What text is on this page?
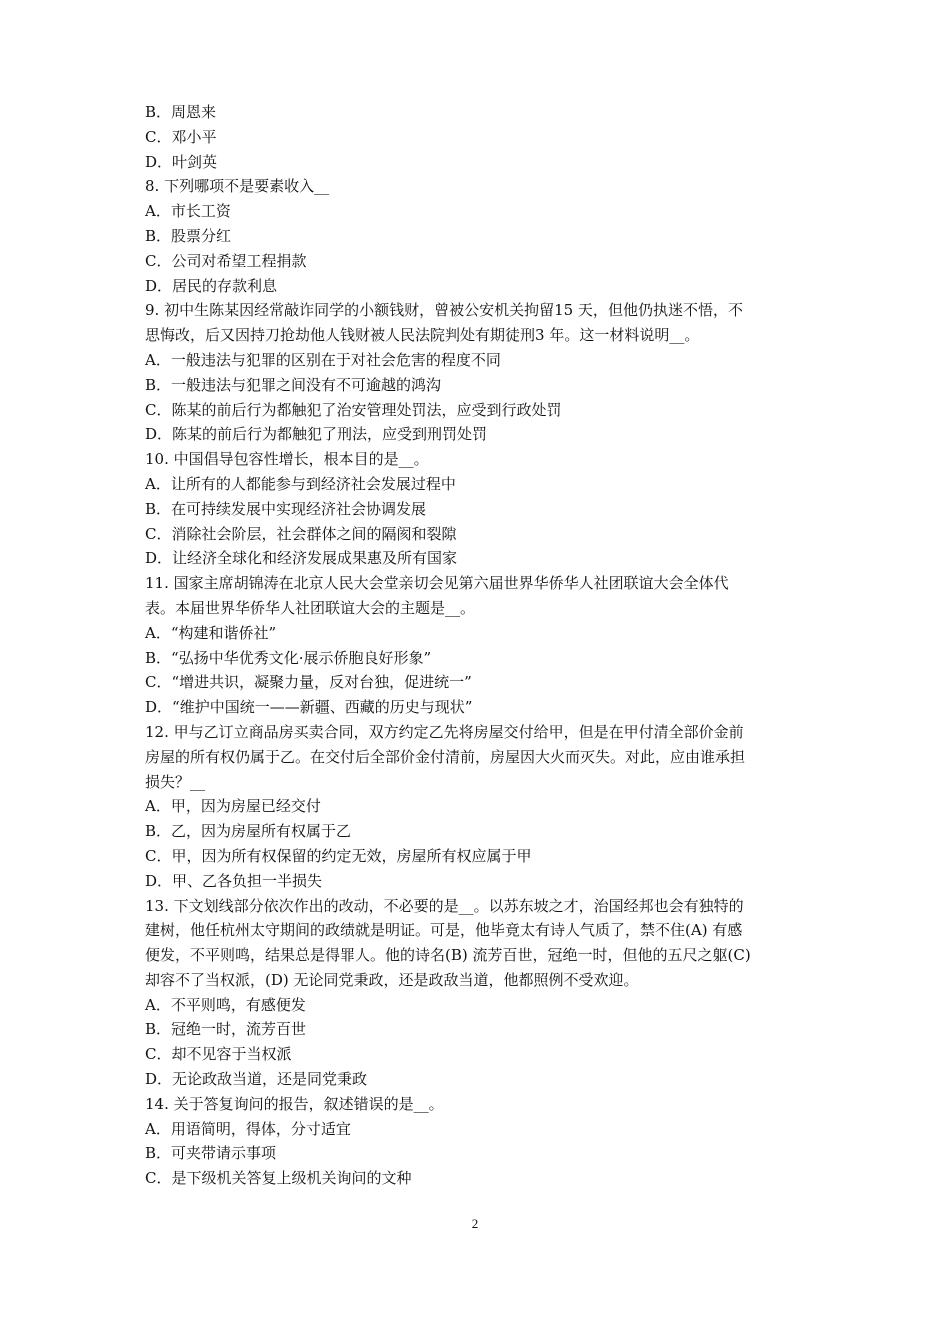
B．周恩来
C．邓小平
D．叶剑英
8. 下列哪项不是要素收入__
A．市长工资
B．股票分红
C．公司对希望工程捐款
D．居民的存款利息
9. 初中生陈某因经常敲诈同学的小额钱财，曾被公安机关拘留15 天，但他仍执迷不悟，不
思悔改，后又因持刀抢劫他人钱财被人民法院判处有期徒刑3 年。这一材料说明__。
A．一般违法与犯罪的区别在于对社会危害的程度不同
B．一般违法与犯罪之间没有不可逾越的鸿沟
C．陈某的前后行为都触犯了治安管理处罚法，应受到行政处罚
D．陈某的前后行为都触犯了刑法，应受到刑罚处罚
10. 中国倡导包容性增长，根本目的是__。
A．让所有的人都能参与到经济社会发展过程中
B．在可持续发展中实现经济社会协调发展
C．消除社会阶层，社会群体之间的隔阂和裂隙
D．让经济全球化和经济发展成果惠及所有国家
11. 国家主席胡锦涛在北京人民大会堂亲切会见第六届世界华侨华人社团联谊大会全体代
表。本届世界华侨华人社团联谊大会的主题是__。
A．“构建和谐侨社”
B．“弘扬中华优秀文化·展示侨胞良好形象”
C．“增进共识，凝聚力量，反对台独，促进统一”
D．“维护中国统一——新疆、西藏的历史与现状”
12. 甲与乙订立商品房买卖合同，双方约定乙先将房屋交付给甲，但是在甲付清全部价金前
房屋的所有权仍属于乙。在交付后全部价金付清前，房屋因大火而灭失。对此，应由谁承担
损失？__
A．甲，因为房屋已经交付
B．乙，因为房屋所有权属于乙
C．甲，因为所有权保留的约定无效，房屋所有权应属于甲
D．甲、乙各负担一半损失
13. 下文划线部分依次作出的改动，不必要的是__。以苏东坡之才，治国经邦也会有独特的
建树，他任杭州太守期间的政绩就是明证。可是，他毕竟太有诗人气质了，禁不住(A) 有感
便发，不平则鸣，结果总是得罪人。他的诗名(B) 流芳百世，冠绝一时，但他的五尺之躯(C)
却容不了当权派，(D) 无论同党秉政，还是政敌当道，他都照例不受欢迎。
A．不平则鸣，有感便发
B．冠绝一时，流芳百世
C．却不见容于当权派
D．无论政敌当道，还是同党秉政
14. 关于答复询问的报告，叙述错误的是__。
A．用语简明，得体，分寸适宜
B．可夹带请示事项
C．是下级机关答复上级机关询问的文种
2
